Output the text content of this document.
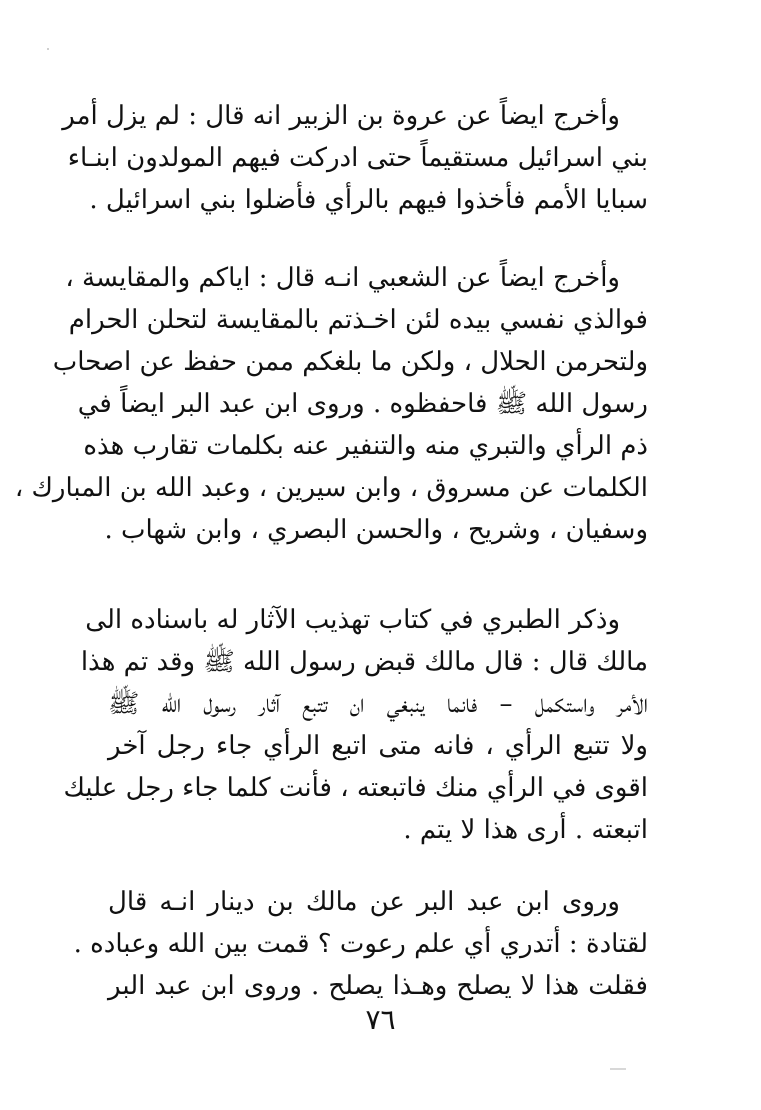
وأخرج ايضاً عن عروة بن الزبير انه قال : لم يزل أمر
بني اسرائيل مستقيماً حتى ادركت فيهم المولدون ابنـاء
سبايا الأمم فأخذوا فيهم بالرأي فأضلوا بني اسرائيل .
وأخرج ايضاً عن الشعبي انـه قال : اياكم والمقايسة ،
فوالذي نفسي بيده لئن اخـذتم بالمقايسة لتحلن الحرام
ولتحرمن الحلال ، ولكن ما بلغكم ممن حفظ عن اصحاب
رسول الله ﷺ فاحفظوه . وروى ابن عبد البر ايضاً في
ذم الرأي والتبري منه والتنفير عنه بكلمات تقارب هذه
الكلمات عن مسروق ، وابن سيرين ، وعبد الله بن المبارك ،
وسفيان ، وشريح ، والحسن البصري ، وابن شهاب .
وذكر الطبري في كتاب تهذيب الآثار له باسناده الى
مالك قال : قال مالك قبض رسول الله ﷺ وقد تم هذا
الأمر واستكمل – فانما ينبغي ان تتبع آثار رسول الله ﷺ
ولا تتبع الرأي ، فانه متى اتبع الرأي جاء رجل آخر
اقوى في الرأي منك فاتبعته ، فأنت كلما جاء رجل عليك
اتبعته . أرى هذا لا يتم .
وروى ابن عبد البر عن مالك بن دينار انـه قال
لقتادة : أتدري أي علم رعوت ؟ قمت بين الله وعباده .
فقلت هذا لا يصلح وهـذا يصلح . وروى ابن عبد البر
٧٦
